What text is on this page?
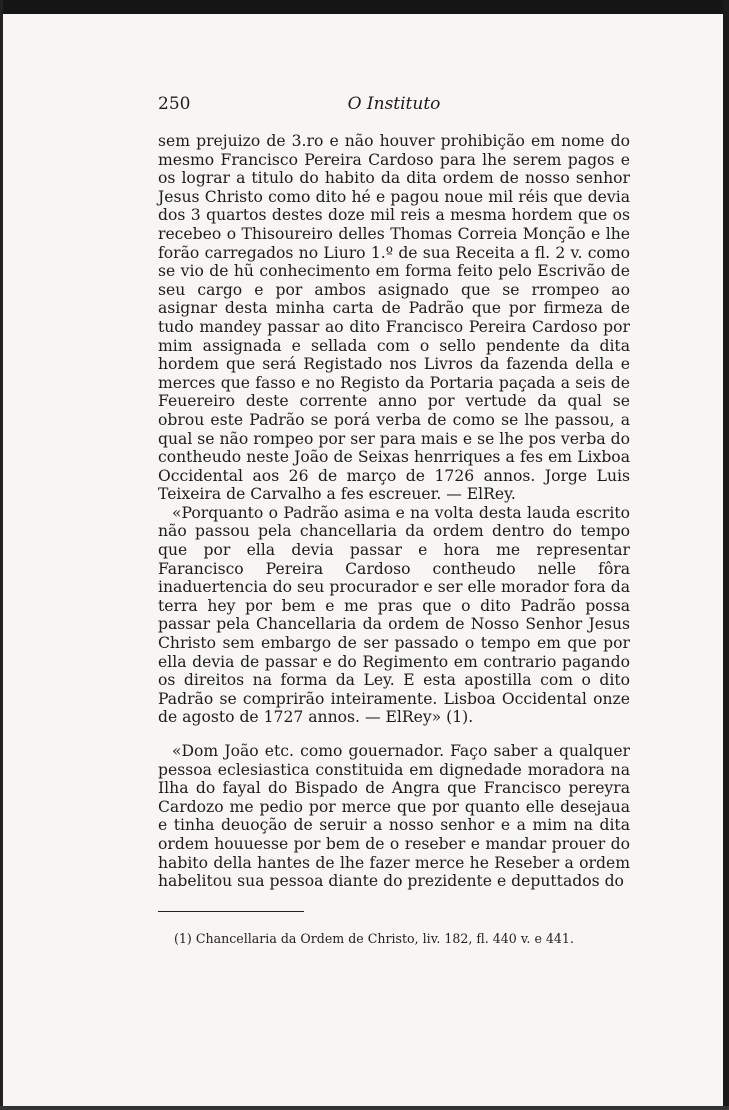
250	O Instituto

sem prejuizo de 3.ro e não houver prohibição em nome do mesmo Francisco Pereira Cardoso para lhe serem pagos e os lograr a titulo do habito da dita ordem de nosso senhor Jesus Christo como dito hé e pagou noue mil réis que devia dos 3 quartos destes doze mil reis a mesma hordem que os recebeo o Thisoureiro delles Thomas Correia Monção e lhe forão carregados no Liuro 1.º de sua Receita a fl. 2 v. como se vio de hũ conhecimento em forma feito pelo Escrivão de seu cargo e por ambos asignado que se rrompeo ao asignar desta minha carta de Padrão que por firmeza de tudo mandey passar ao dito Francisco Pereira Cardoso por mim assignada e sellada com o sello pendente da dita hordem que será Registado nos Livros da fazenda della e merces que fasso e no Registo da Portaria paçada a seis de Feuereiro deste corrente anno por vertude da qual se obrou este Padrão se porá verba de como se lhe passou, a qual se não rompeo por ser para mais e se lhe pos verba do contheudo neste João de Seixas henrriques a fes em Lixboa Occidental aos 26 de março de 1726 annos. Jorge Luis Teixeira de Carvalho a fes escreuer. — ElRey.

«Porquanto o Padrão asima e na volta desta lauda escrito não passou pela chancellaria da ordem dentro do tempo que por ella devia passar e hora me representar Farancisco Pereira Cardoso contheudo nelle fôra inaduertencia do seu procurador e ser elle morador fora da terra hey por bem e me pras que o dito Padrão possa passar pela Chancellaria da ordem de Nosso Senhor Jesus Christo sem embargo de ser passado o tempo em que por ella devia de passar e do Regimento em contrario pagando os direitos na forma da Ley. E esta apostilla com o dito Padrão se comprirão inteiramente. Lisboa Occidental onze de agosto de 1727 annos. — ElRey» (1).

«Dom João etc. como gouernador. Faço saber a qualquer pessoa eclesiastica constituida em dignedade moradora na Ilha do fayal do Bispado de Angra que Francisco pereyra Cardozo me pedio por merce que por quanto elle desejaua e tinha deuoção de seruir a nosso senhor e a mim na dita ordem houuesse por bem de o reseber e mandar prouer do habito della hantes de lhe fazer merce he Reseber a ordem habelitou sua pessoa diante do prezidente e deputtados do

(1) Chancellaria da Ordem de Christo, liv. 182, fl. 440 v. e 441.
